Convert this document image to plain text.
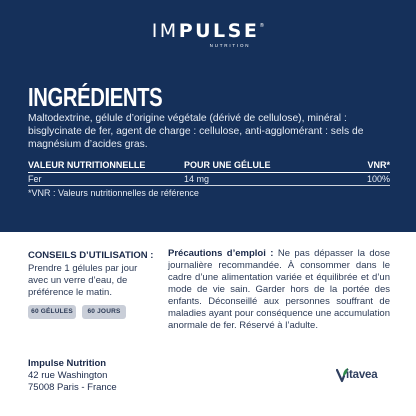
IMPULSE®
NUTRITION
INGRÉDIENTS
Maltodextrine, gélule d’origine végétale (dérivé de cellulose), minéral : bisglycinate de fer, agent de charge : cellulose, anti-agglomérant : sels de magnésium d’acides gras.
VALEUR NUTRITIONNELLE	POUR UNE GÉLULE	VNR*
Fer	14 mg	100%
*VNR : Valeurs nutritionnelles de référence
CONSEILS D’UTILISATION :
Prendre 1 gélules par jour avec un verre d’eau, de préférence le matin.
60 GÉLULES	60 JOURS
Précautions d’emploi : Ne pas dépasser la dose journalière recommandée. À consommer dans le cadre d’une alimentation variée et équilibrée et d’un mode de vie sain. Garder hors de la portée des enfants. Déconseillé aux personnes souffrant de maladies ayant pour conséquence une accumulation anormale de fer. Réservé à l’adulte.
Impulse Nutrition
42 rue Washington
75008 Paris - France
itavea
